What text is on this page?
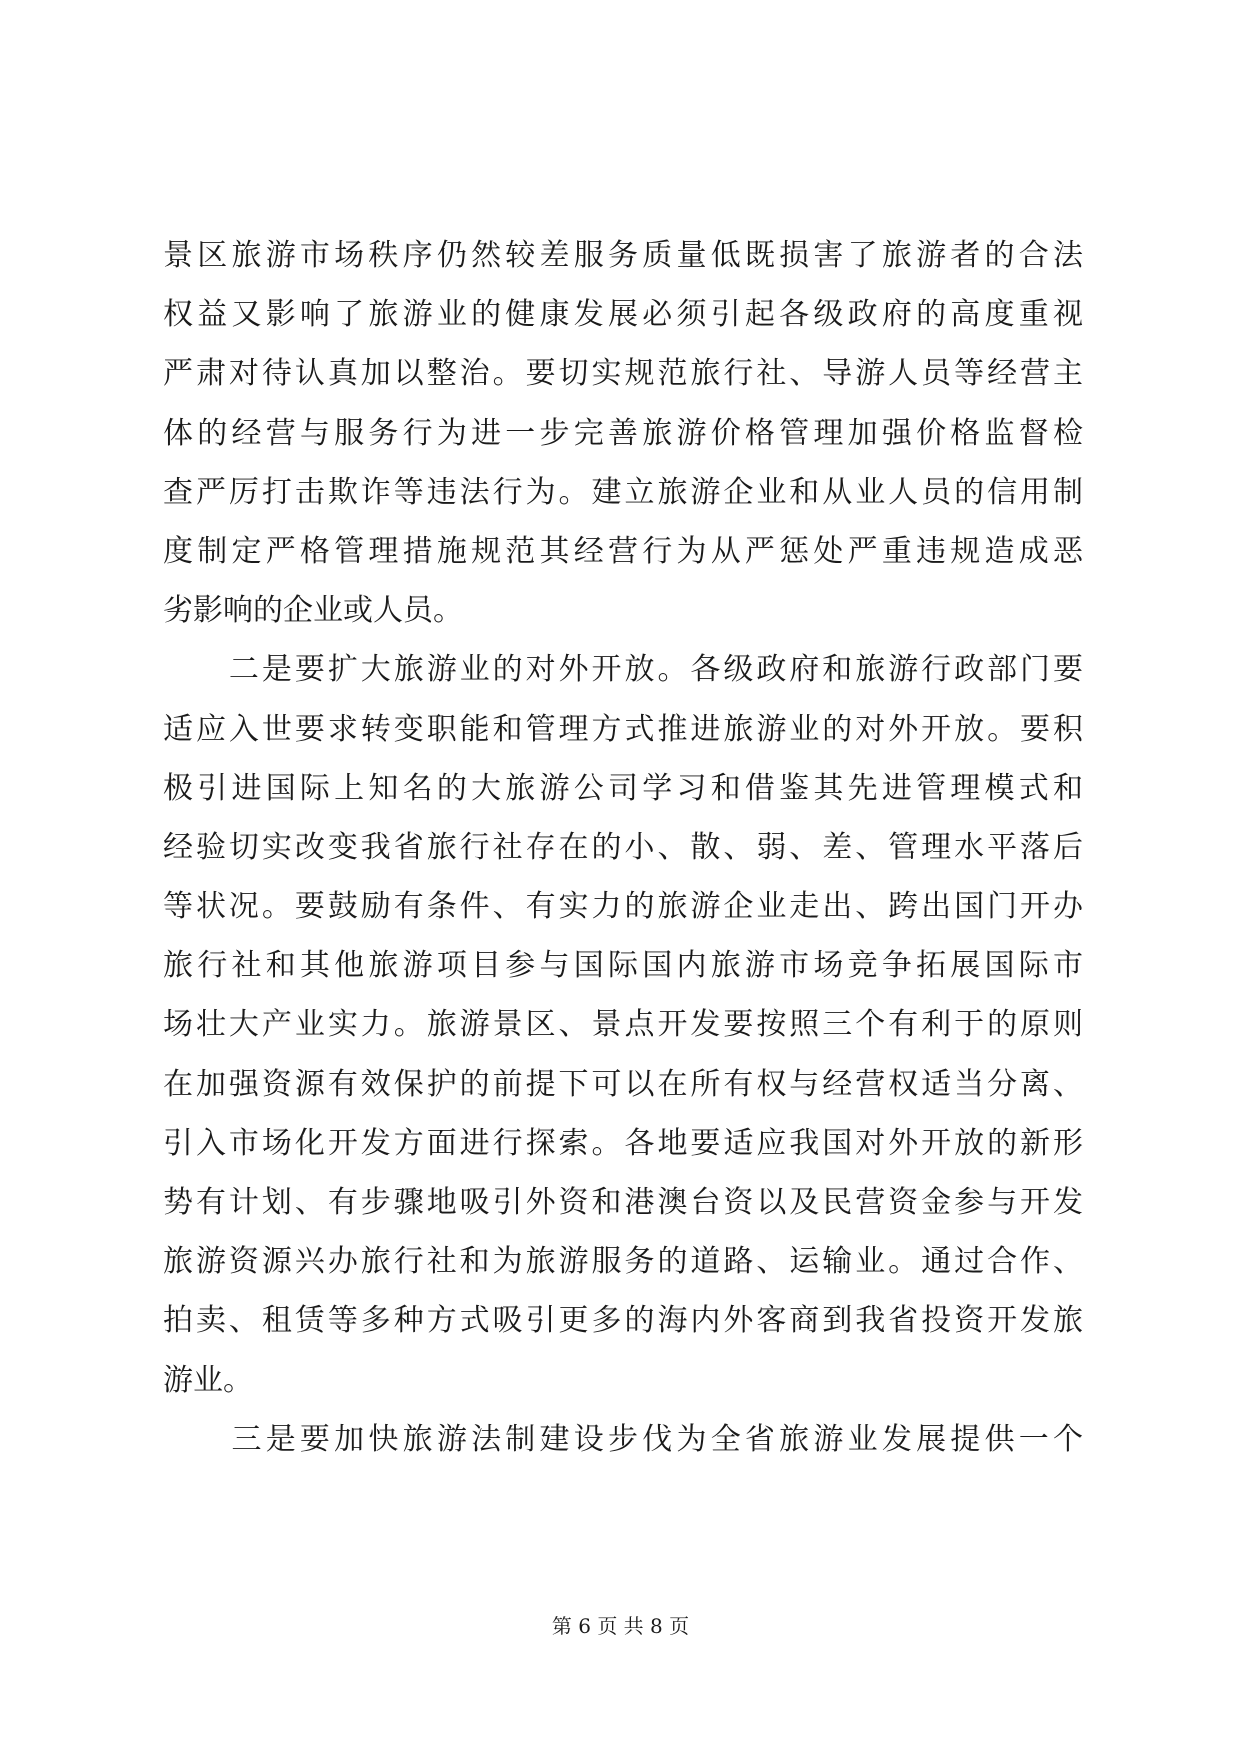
景区旅游市场秩序仍然较差服务质量低既损害了旅游者的合法
权益又影响了旅游业的健康发展必须引起各级政府的高度重视
严肃对待认真加以整治。要切实规范旅行社、导游人员等经营主
体的经营与服务行为进一步完善旅游价格管理加强价格监督检
查严厉打击欺诈等违法行为。建立旅游企业和从业人员的信用制
度制定严格管理措施规范其经营行为从严惩处严重违规造成恶
劣影响的企业或人员。
　　二是要扩大旅游业的对外开放。各级政府和旅游行政部门要
适应入世要求转变职能和管理方式推进旅游业的对外开放。要积
极引进国际上知名的大旅游公司学习和借鉴其先进管理模式和
经验切实改变我省旅行社存在的小、散、弱、差、管理水平落后
等状况。要鼓励有条件、有实力的旅游企业走出、跨出国门开办
旅行社和其他旅游项目参与国际国内旅游市场竞争拓展国际市
场壮大产业实力。旅游景区、景点开发要按照三个有利于的原则
在加强资源有效保护的前提下可以在所有权与经营权适当分离、
引入市场化开发方面进行探索。各地要适应我国对外开放的新形
势有计划、有步骤地吸引外资和港澳台资以及民营资金参与开发
旅游资源兴办旅行社和为旅游服务的道路、运输业。通过合作、
拍卖、租赁等多种方式吸引更多的海内外客商到我省投资开发旅
游业。
　　三是要加快旅游法制建设步伐为全省旅游业发展提供一个
第 6 页 共 8 页
